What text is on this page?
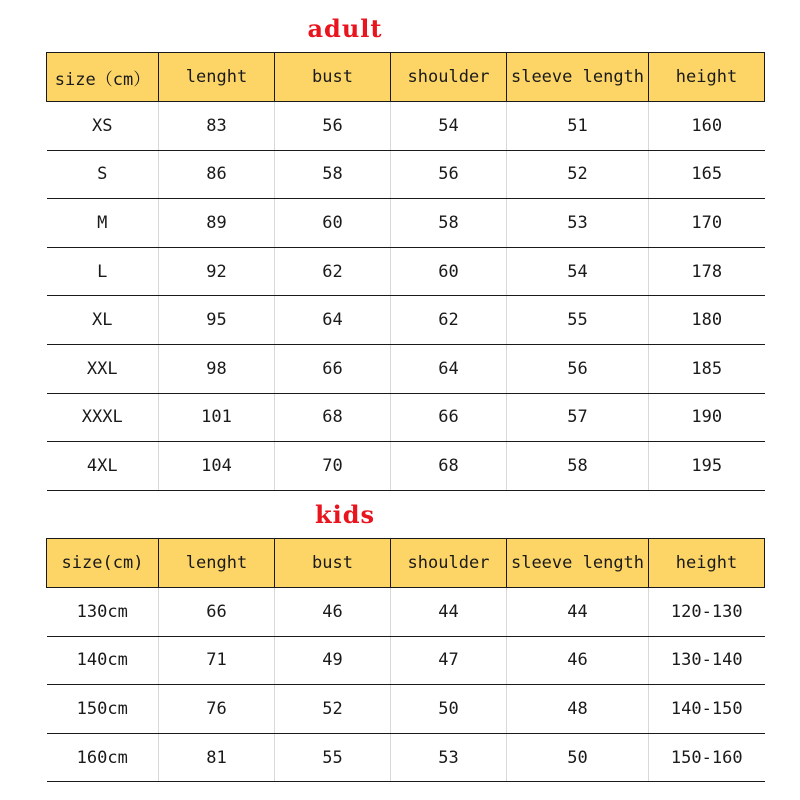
adult
size（cm）	lenght	bust	shoulder	sleeve length	height
XS	83	56	54	51	160
S	86	58	56	52	165
M	89	60	58	53	170
L	92	62	60	54	178
XL	95	64	62	55	180
XXL	98	66	64	56	185
XXXL	101	68	66	57	190
4XL	104	70	68	58	195
kids
size(cm)	lenght	bust	shoulder	sleeve length	height
130cm	66	46	44	44	120-130
140cm	71	49	47	46	130-140
150cm	76	52	50	48	140-150
160cm	81	55	53	50	150-160
